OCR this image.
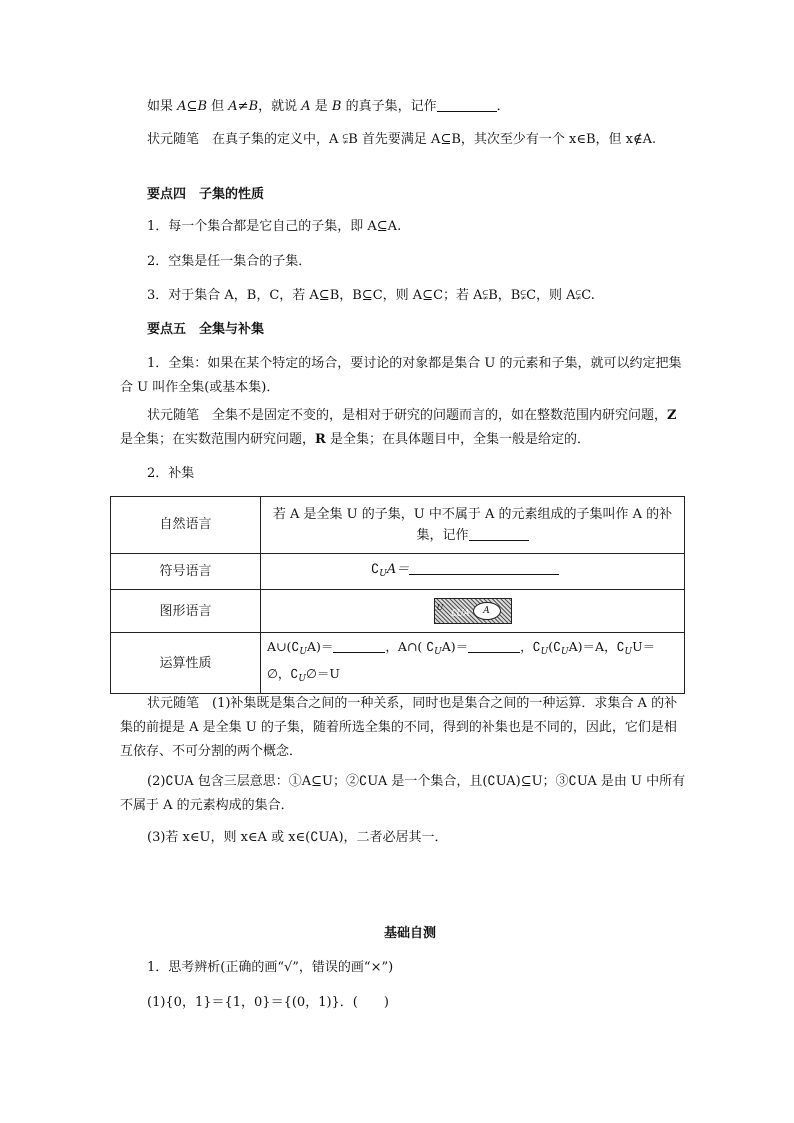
如果 A⊆B 但 A≠B，就说 A 是 B 的真子集，记作	．

状元随笔　在真子集的定义中，A ⫋B 首先要满足 A⊆B，其次至少有一个 x∈B，但 x∉A.

要点四　子集的性质

1．每一个集合都是它自己的子集，即 A⊆A.

2．空集是任一集合的子集．

3．对于集合 A，B，C，若 A⊆B，B⊆C，则 A⊆C；若 A⫋B，B⫋C，则 A⫋C.

要点五　全集与补集

1．全集：如果在某个特定的场合，要讨论的对象都是集合 U 的元素和子集，就可以约定把集合 U 叫作全集(或基本集)．

状元随笔　全集不是固定不变的，是相对于研究的问题而言的，如在整数范围内研究问题，Z 是全集；在实数范围内研究问题，R 是全集；在具体题目中，全集一般是给定的．

2．补集

自然语言	若 A 是全集 U 的子集，U 中不属于 A 的元素组成的子集叫作 A 的补集，记作
符号语言	$∁_UA=$
图形语言	U
∁UA A

运算性质	$A\cup(∁_UA)=$ ，A∩( $∁_UA)=$ ，$∁_U(∁_UA)=A$，$∁_UU=$
∅，$∁_U\emptyset=U$

状元随笔　(1)补集既是集合之间的一种关系，同时也是集合之间的一种运算．求集合 A 的补集的前提是 A 是全集 U 的子集，随着所选全集的不同，得到的补集也是不同的，因此，它们是相互依存、不可分割的两个概念．

(2)∁UA 包含三层意思：①A⊆U；②∁UA 是一个集合，且(∁UA)⊆U；③∁UA 是由 U 中所有不属于 A 的元素构成的集合．

(3)若 x∈U，则 x∈A 或 x∈(∁UA)，二者必居其一．

基础自测

1．思考辨析(正确的画“√”，错误的画“×”)

(1){0，1}＝{1，0}＝{(0，1)}．(　　)
